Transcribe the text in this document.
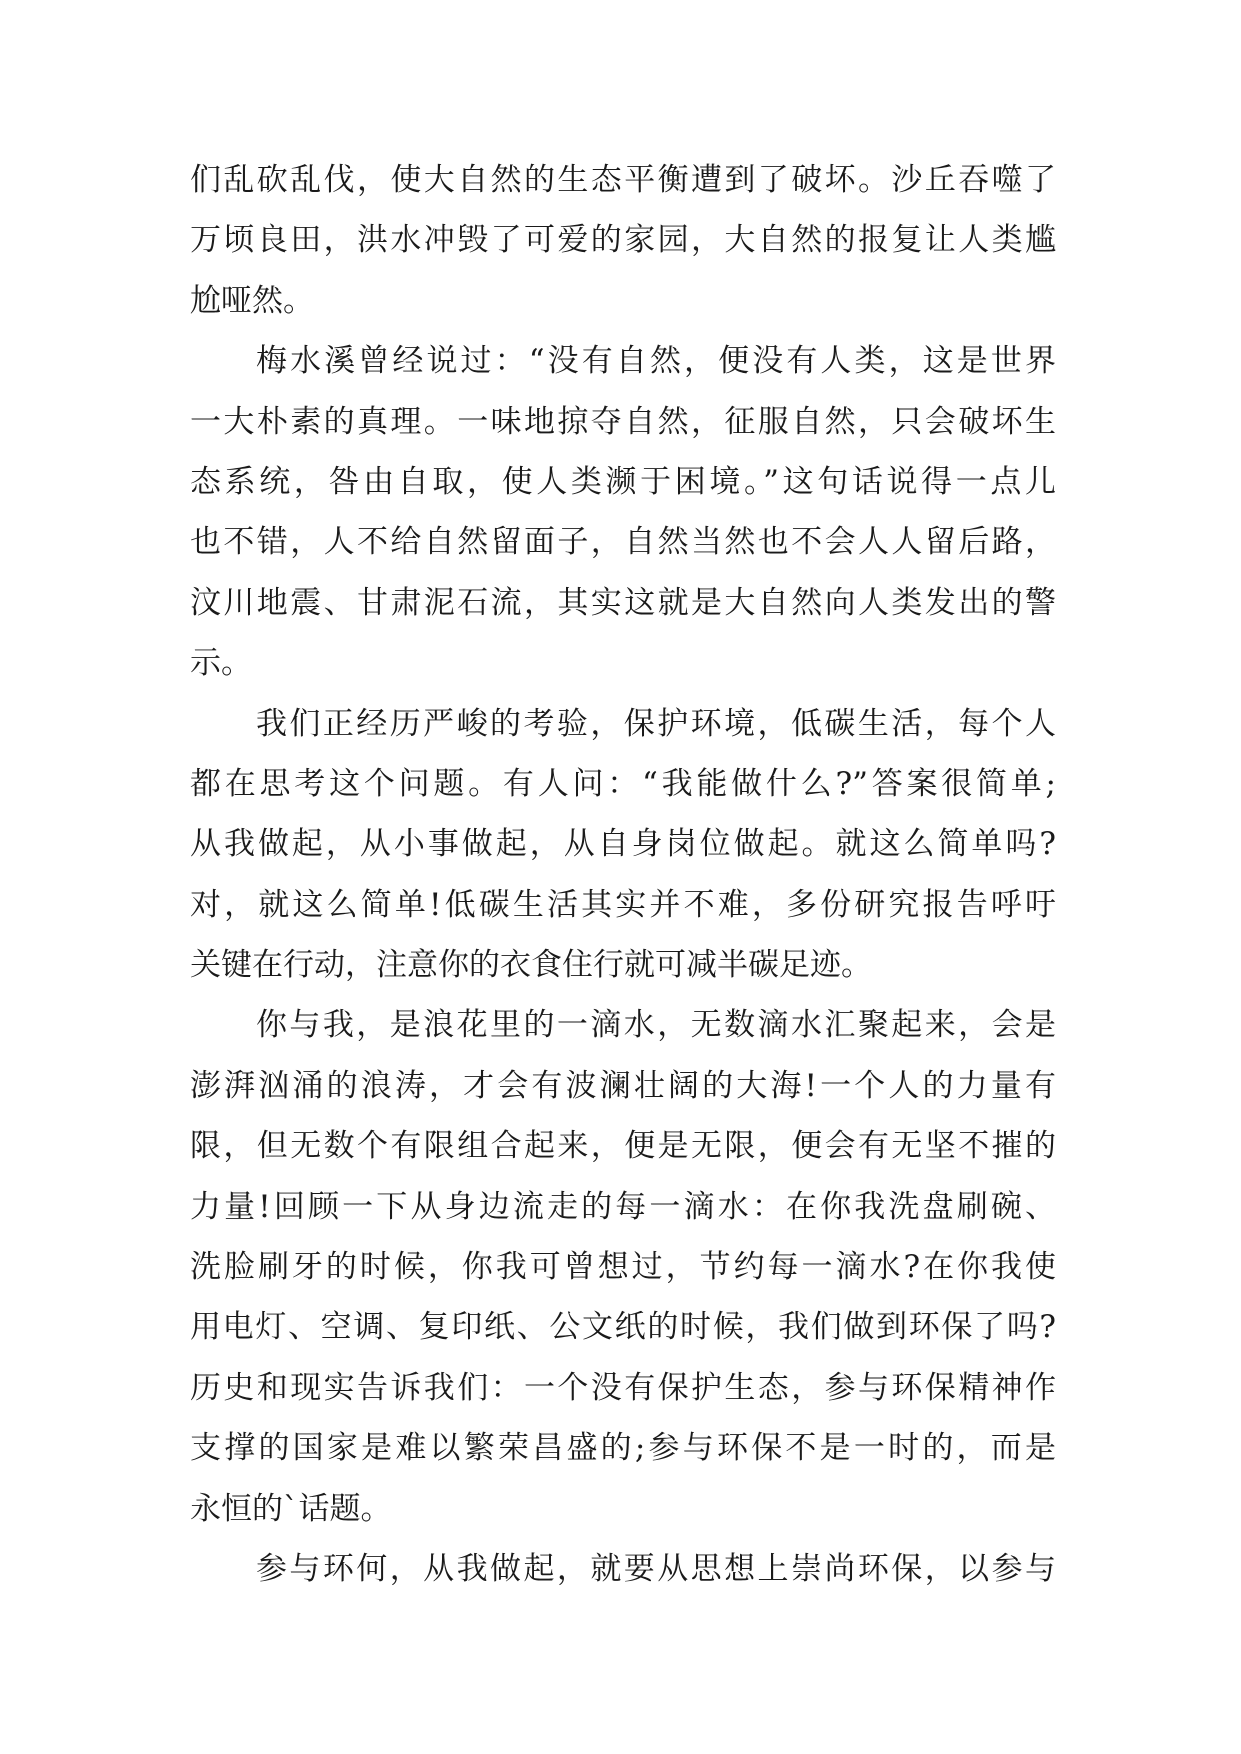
们乱砍乱伐，使大自然的生态平衡遭到了破坏。沙丘吞噬了
万顷良田，洪水冲毁了可爱的家园，大自然的报复让人类尴
尬哑然。
梅水溪曾经说过：“没有自然，便没有人类，这是世界
一大朴素的真理。一味地掠夺自然，征服自然，只会破坏生
态系统，咎由自取，使人类濒于困境。”这句话说得一点儿
也不错，人不给自然留面子，自然当然也不会人人留后路，
汶川地震、甘肃泥石流，其实这就是大自然向人类发出的警
示。
我们正经历严峻的考验，保护环境，低碳生活，每个人
都在思考这个问题。有人问：“我能做什么?”答案很简单;
从我做起，从小事做起，从自身岗位做起。就这么简单吗?
对，就这么简单!低碳生活其实并不难，多份研究报告呼吁
关键在行动，注意你的衣食住行就可减半碳足迹。
你与我，是浪花里的一滴水，无数滴水汇聚起来，会是
澎湃汹涌的浪涛，才会有波澜壮阔的大海!一个人的力量有
限，但无数个有限组合起来，便是无限，便会有无坚不摧的
力量!回顾一下从身边流走的每一滴水：在你我洗盘刷碗、
洗脸刷牙的时候，你我可曾想过，节约每一滴水?在你我使
用电灯、空调、复印纸、公文纸的时候，我们做到环保了吗?
历史和现实告诉我们：一个没有保护生态，参与环保精神作
支撑的国家是难以繁荣昌盛的;参与环保不是一时的，而是
永恒的`话题。
参与环何，从我做起，就要从思想上崇尚环保，以参与
